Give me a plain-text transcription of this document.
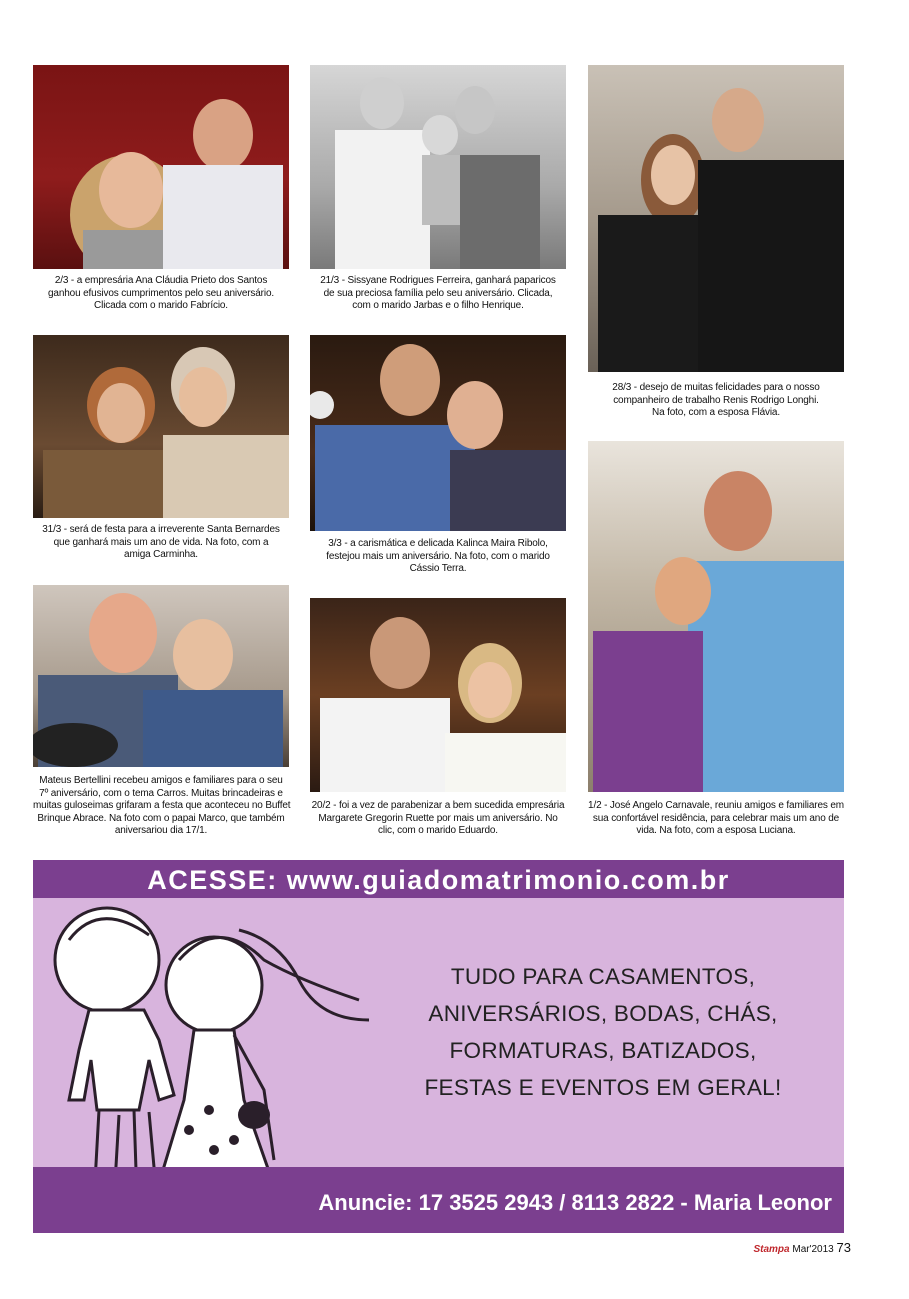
2/3 - a empresária Ana Cláudia Prieto dos Santos
ganhou efusivos cumprimentos pelo seu aniversário.
Clicada com o marido Fabrício.
21/3 - Sissyane Rodrigues Ferreira, ganhará paparicos
de sua preciosa família pelo seu aniversário. Clicada,
com o marido Jarbas e o filho Henrique.
28/3 - desejo de muitas felicidades para o nosso
companheiro de trabalho Renis Rodrigo Longhi.
Na foto, com a esposa Flávia.
31/3 - será de festa para a irreverente Santa Bernardes
que ganhará mais um ano de vida. Na foto, com a
amiga Carminha.
3/3 - a carismática e delicada Kalinca Maira Ribolo,
festejou mais um aniversário. Na foto, com o marido
Cássio Terra.
1/2 - José Angelo Carnavale, reuniu amigos e familiares em
sua confortável residência, para celebrar mais um ano de
vida. Na foto, com a esposa Luciana.
Mateus Bertellini recebeu amigos e familiares para o seu
7º aniversário, com o tema Carros. Muitas brincadeiras e
muitas guloseimas grifaram a festa que aconteceu no Buffet
Brinque Abrace. Na foto com o papai Marco, que também
aniversariou dia 17/1.
20/2 - foi a vez de parabenizar a bem sucedida empresária
Margarete Gregorin Ruette por mais um aniversário. No
clic, com o marido Eduardo.
ACESSE: www.guiadomatrimonio.com.br
TUDO PARA CASAMENTOS,
ANIVERSÁRIOS, BODAS, CHÁS,
FORMATURAS, BATIZADOS,
FESTAS E EVENTOS EM GERAL!
Anuncie: 17 3525 2943 / 8113 2822 - Maria Leonor
Stampa Mar'2013 73
